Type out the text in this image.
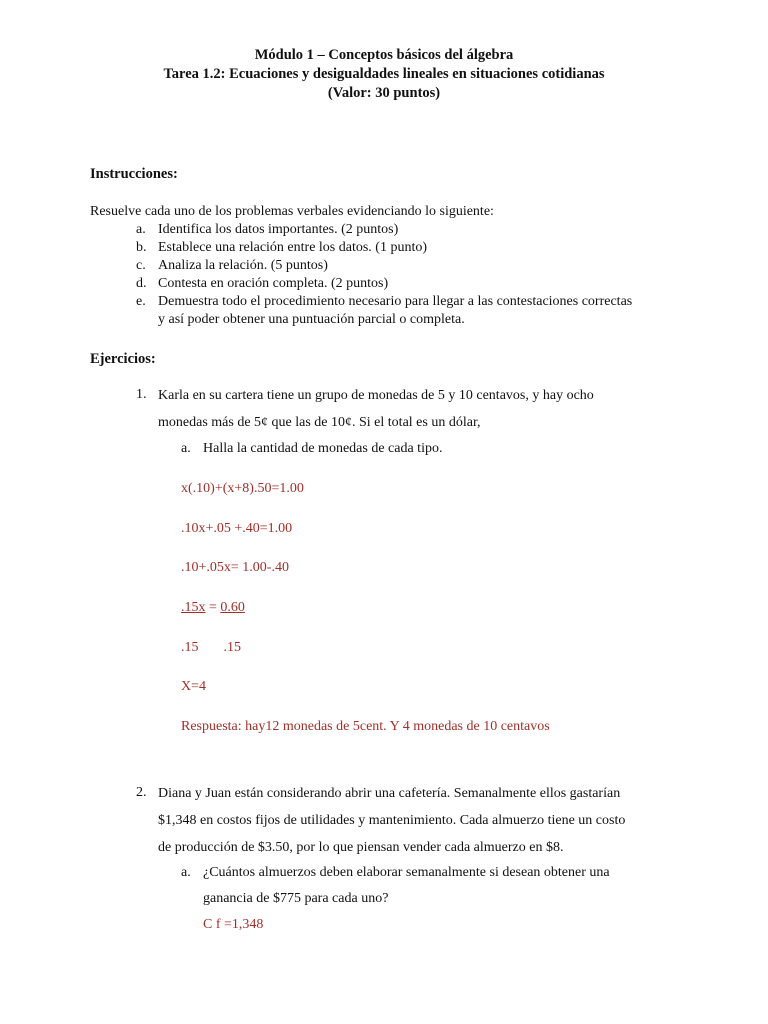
Módulo 1 – Conceptos básicos del álgebra
Tarea 1.2: Ecuaciones y desigualdades lineales en situaciones cotidianas
(Valor: 30 puntos)
Instrucciones:
Resuelve cada uno de los problemas verbales evidenciando lo siguiente:
a. Identifica los datos importantes. (2 puntos)
b. Establece una relación entre los datos. (1 punto)
c. Analiza la relación. (5 puntos)
d. Contesta en oración completa. (2 puntos)
e. Demuestra todo el procedimiento necesario para llegar a las contestaciones correctas
y así poder obtener una puntuación parcial o completa.
Ejercicios:
1. Karla en su cartera tiene un grupo de monedas de 5 y 10 centavos, y hay ocho
monedas más de 5¢ que las de 10¢. Si el total es un dólar,
a. Halla la cantidad de monedas de cada tipo.
x(.10)+(x+8).50=1.00
.10x+.05 +.40=1.00
.10+.05x= 1.00-.40
.15x = 0.60
.15 .15
X=4
Respuesta: hay12 monedas de 5cent. Y 4 monedas de 10 centavos
2. Diana y Juan están considerando abrir una cafetería. Semanalmente ellos gastarían
$1,348 en costos fijos de utilidades y mantenimiento. Cada almuerzo tiene un costo
de producción de $3.50, por lo que piensan vender cada almuerzo en $8.
a. ¿Cuántos almuerzos deben elaborar semanalmente si desean obtener una
ganancia de $775 para cada uno?
C f =1,348
